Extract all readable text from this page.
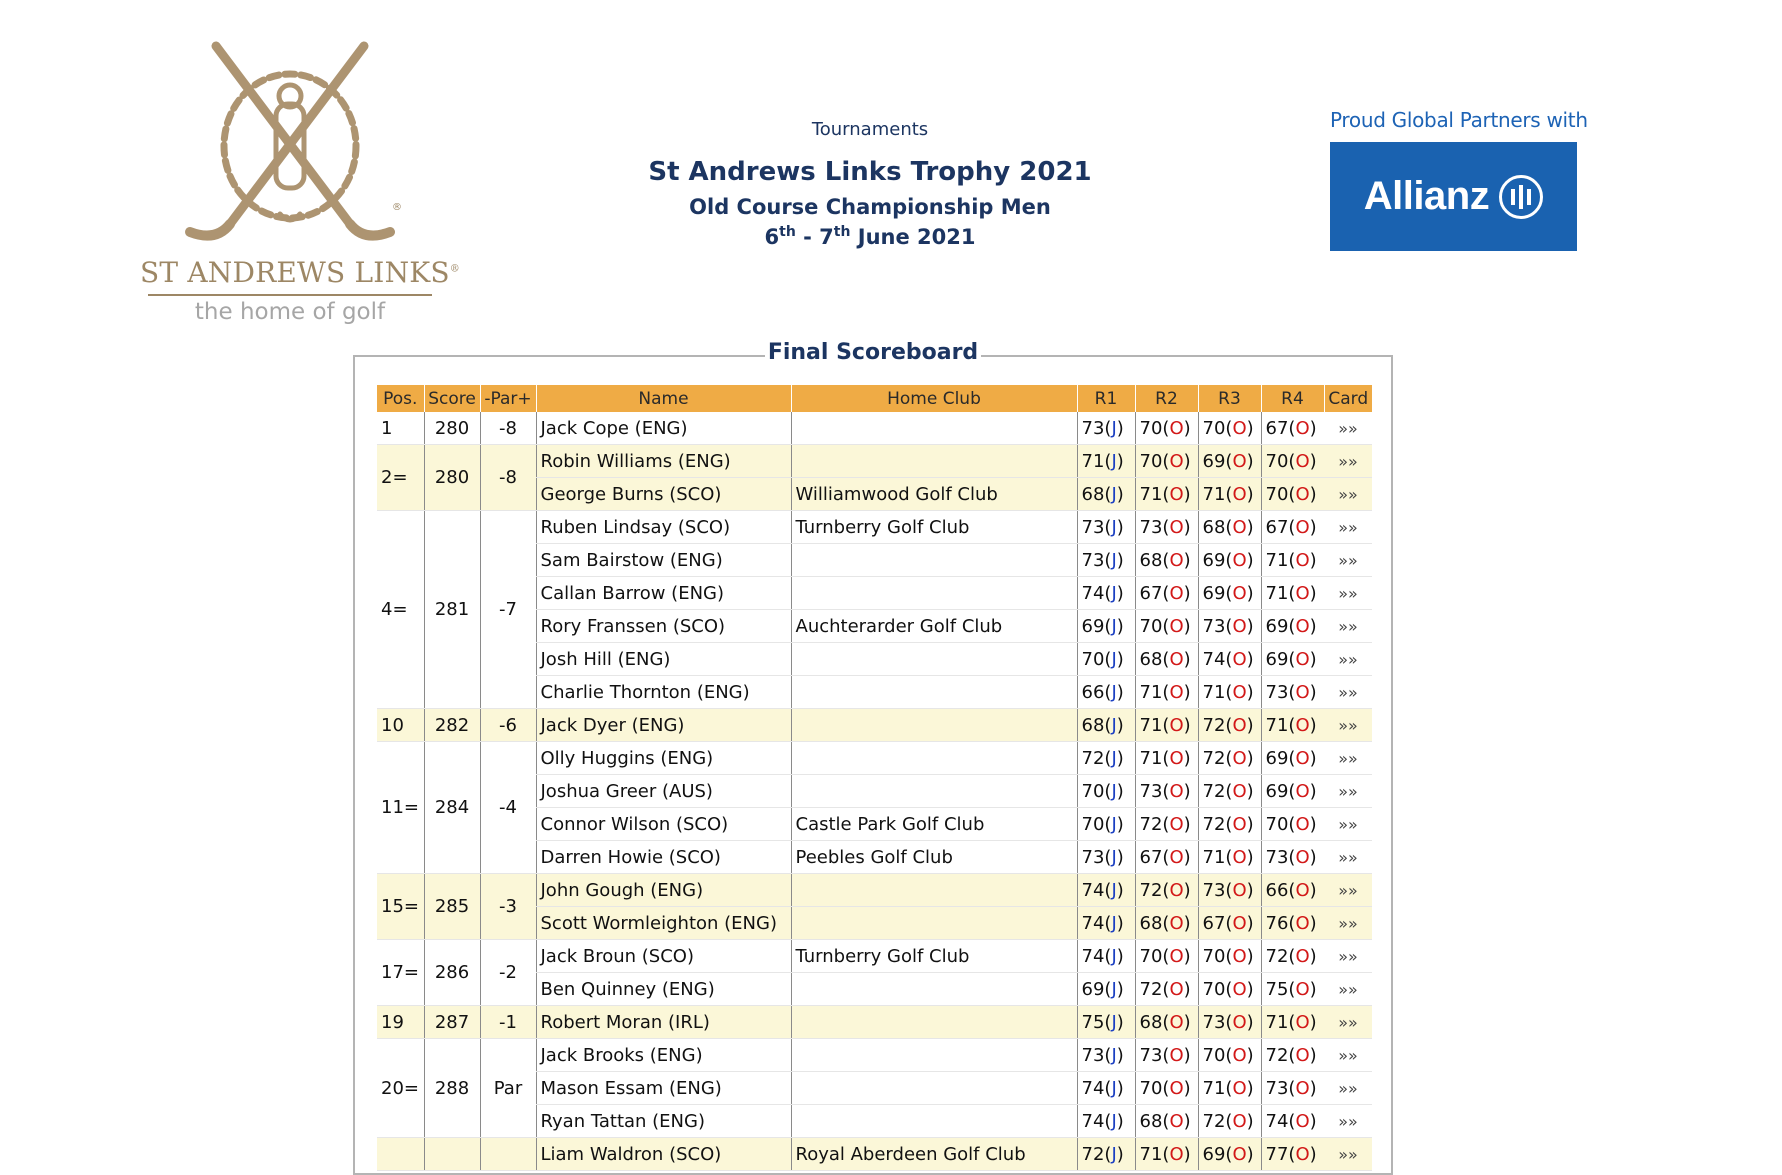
®
ST ANDREWS LINKS®
the home of golf
Tournaments
St Andrews Links Trophy 2021
Old Course Championship Men
6th - 7th June 2021
Proud Global Partners with
Allianz
Final Scoreboard
Pos.	Score	-Par+	Name	Home Club	R1	R2	R3	R4	Card
1	280	-8	Jack Cope (ENG)		73(J)	70(O)	70(O)	67(O)	»»
2=	280	-8	Robin Williams (ENG)		71(J)	70(O)	69(O)	70(O)	»»
			George Burns (SCO)	Williamwood Golf Club	68(J)	71(O)	71(O)	70(O)	»»
4=	281	-7	Ruben Lindsay (SCO)	Turnberry Golf Club	73(J)	73(O)	68(O)	67(O)	»»
			Sam Bairstow (ENG)		73(J)	68(O)	69(O)	71(O)	»»
			Callan Barrow (ENG)		74(J)	67(O)	69(O)	71(O)	»»
			Rory Franssen (SCO)	Auchterarder Golf Club	69(J)	70(O)	73(O)	69(O)	»»
			Josh Hill (ENG)		70(J)	68(O)	74(O)	69(O)	»»
			Charlie Thornton (ENG)		66(J)	71(O)	71(O)	73(O)	»»
10	282	-6	Jack Dyer (ENG)		68(J)	71(O)	72(O)	71(O)	»»
11=	284	-4	Olly Huggins (ENG)		72(J)	71(O)	72(O)	69(O)	»»
			Joshua Greer (AUS)		70(J)	73(O)	72(O)	69(O)	»»
			Connor Wilson (SCO)	Castle Park Golf Club	70(J)	72(O)	72(O)	70(O)	»»
			Darren Howie (SCO)	Peebles Golf Club	73(J)	67(O)	71(O)	73(O)	»»
15=	285	-3	John Gough (ENG)		74(J)	72(O)	73(O)	66(O)	»»
			Scott Wormleighton (ENG)		74(J)	68(O)	67(O)	76(O)	»»
17=	286	-2	Jack Broun (SCO)	Turnberry Golf Club	74(J)	70(O)	70(O)	72(O)	»»
			Ben Quinney (ENG)		69(J)	72(O)	70(O)	75(O)	»»
19	287	-1	Robert Moran (IRL)		75(J)	68(O)	73(O)	71(O)	»»
20=	288	Par	Jack Brooks (ENG)		73(J)	73(O)	70(O)	72(O)	»»
			Mason Essam (ENG)		74(J)	70(O)	71(O)	73(O)	»»
			Ryan Tattan (ENG)		74(J)	68(O)	72(O)	74(O)	»»
			Liam Waldron (SCO)	Royal Aberdeen Golf Club	72(J)	71(O)	69(O)	77(O)	»»
